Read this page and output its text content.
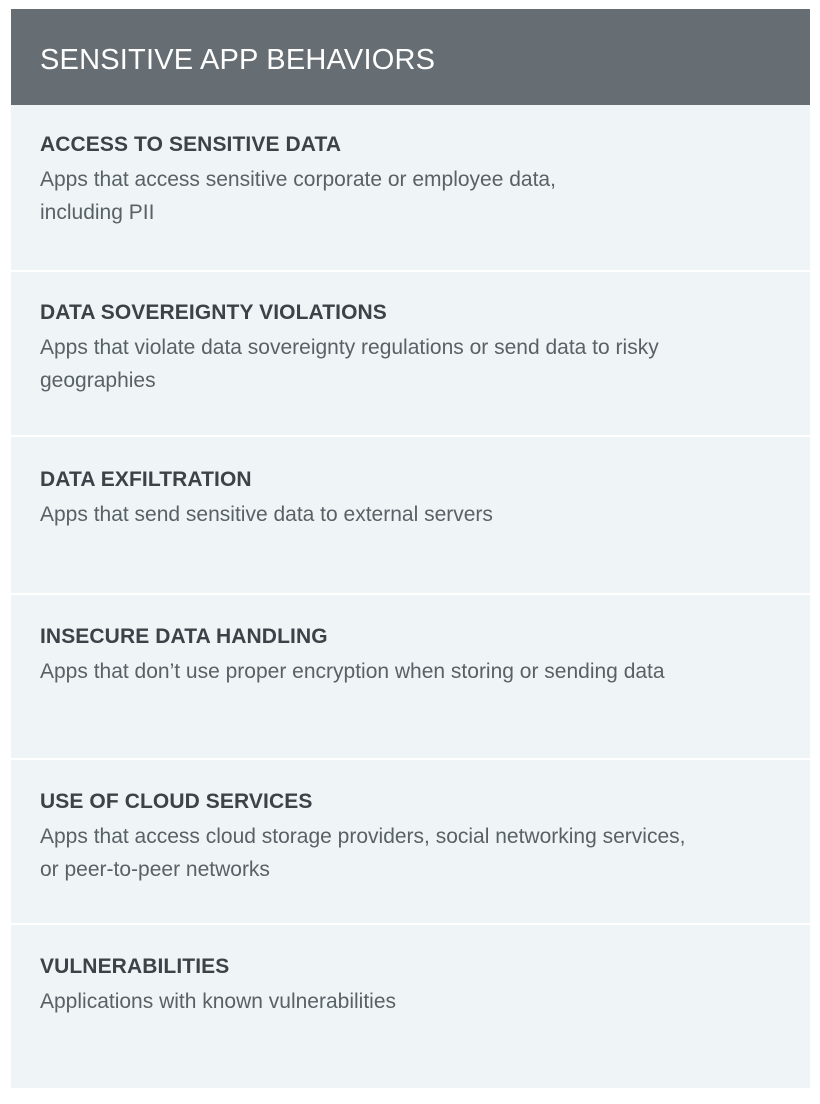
SENSITIVE APP BEHAVIORS
ACCESS TO SENSITIVE DATA
Apps that access sensitive corporate or employee data,
including PII
DATA SOVEREIGNTY VIOLATIONS
Apps that violate data sovereignty regulations or send data to risky
geographies
DATA EXFILTRATION
Apps that send sensitive data to external servers
INSECURE DATA HANDLING
Apps that don’t use proper encryption when storing or sending data
USE OF CLOUD SERVICES
Apps that access cloud storage providers, social networking services,
or peer-to-peer networks
VULNERABILITIES
Applications with known vulnerabilities
